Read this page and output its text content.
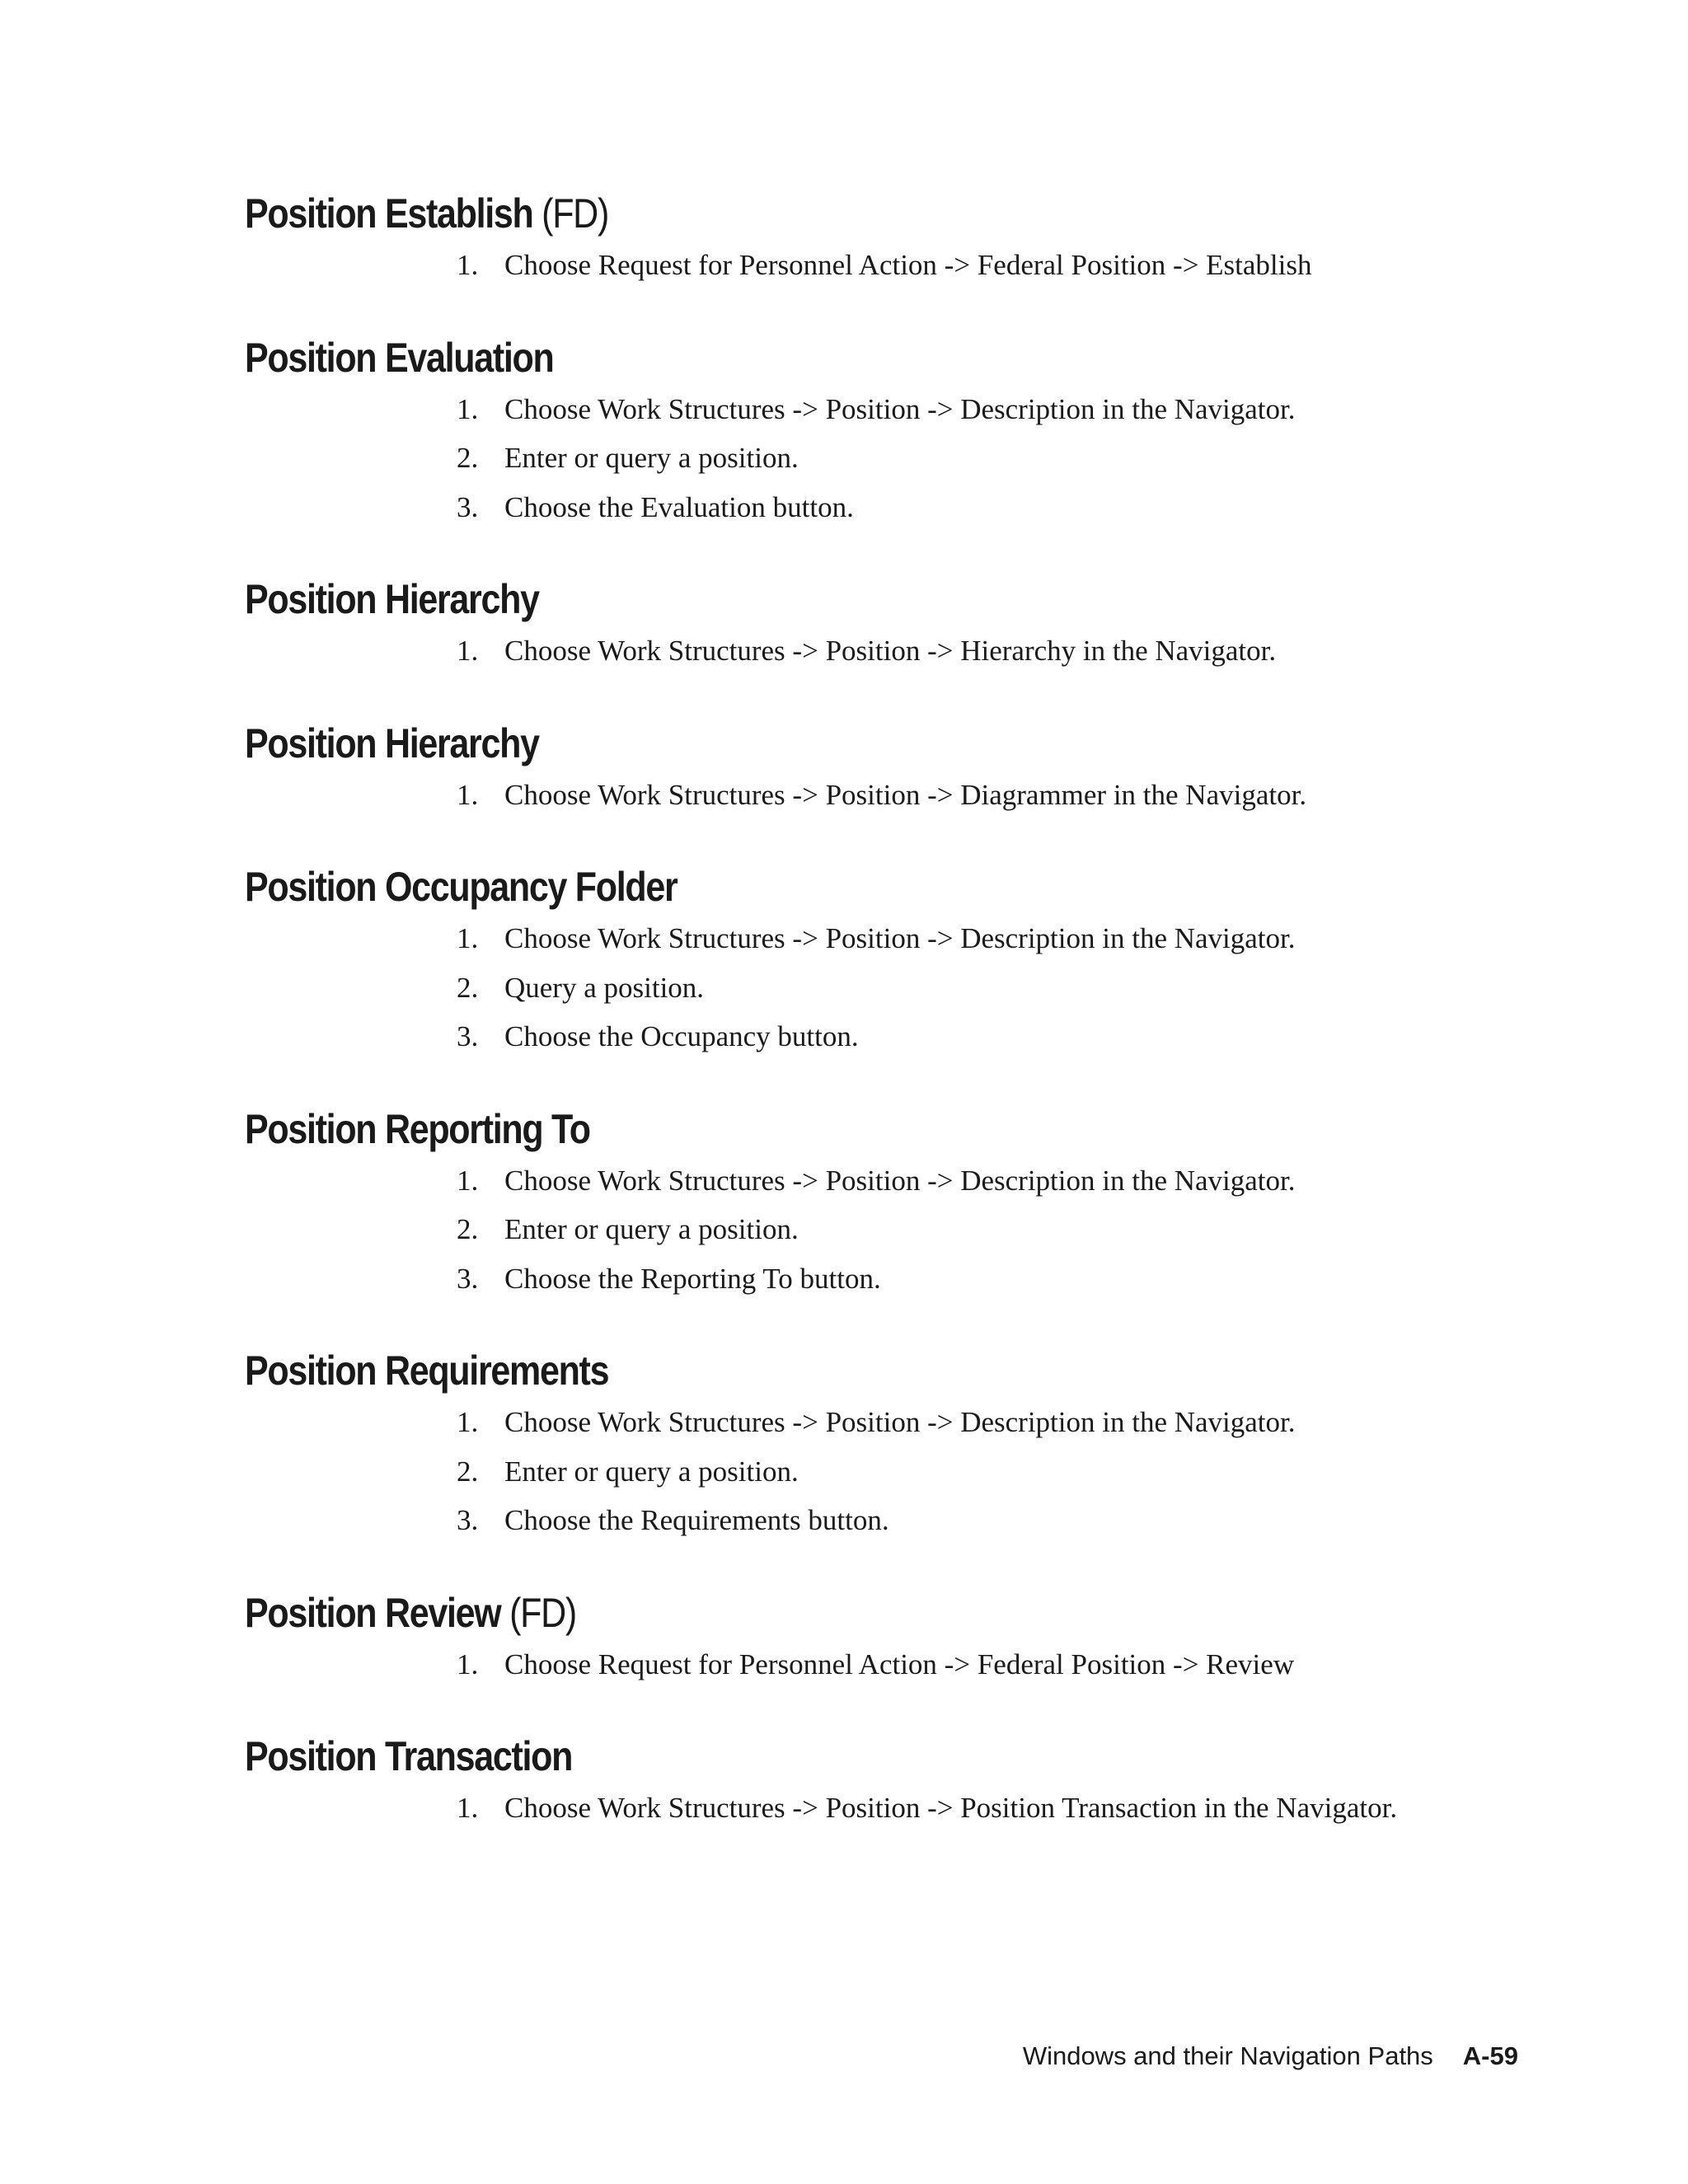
Position Establish (FD)
1. Choose Request for Personnel Action -> Federal Position -> Establish
Position Evaluation
1. Choose Work Structures -> Position -> Description in the Navigator.
2. Enter or query a position.
3. Choose the Evaluation button.
Position Hierarchy
1. Choose Work Structures -> Position -> Hierarchy in the Navigator.
Position Hierarchy
1. Choose Work Structures -> Position -> Diagrammer in the Navigator.
Position Occupancy Folder
1. Choose Work Structures -> Position -> Description in the Navigator.
2. Query a position.
3. Choose the Occupancy button.
Position Reporting To
1. Choose Work Structures -> Position -> Description in the Navigator.
2. Enter or query a position.
3. Choose the Reporting To button.
Position Requirements
1. Choose Work Structures -> Position -> Description in the Navigator.
2. Enter or query a position.
3. Choose the Requirements button.
Position Review (FD)
1. Choose Request for Personnel Action -> Federal Position -> Review
Position Transaction
1. Choose Work Structures -> Position -> Position Transaction in the Navigator.
Windows and their Navigation Paths A-59
